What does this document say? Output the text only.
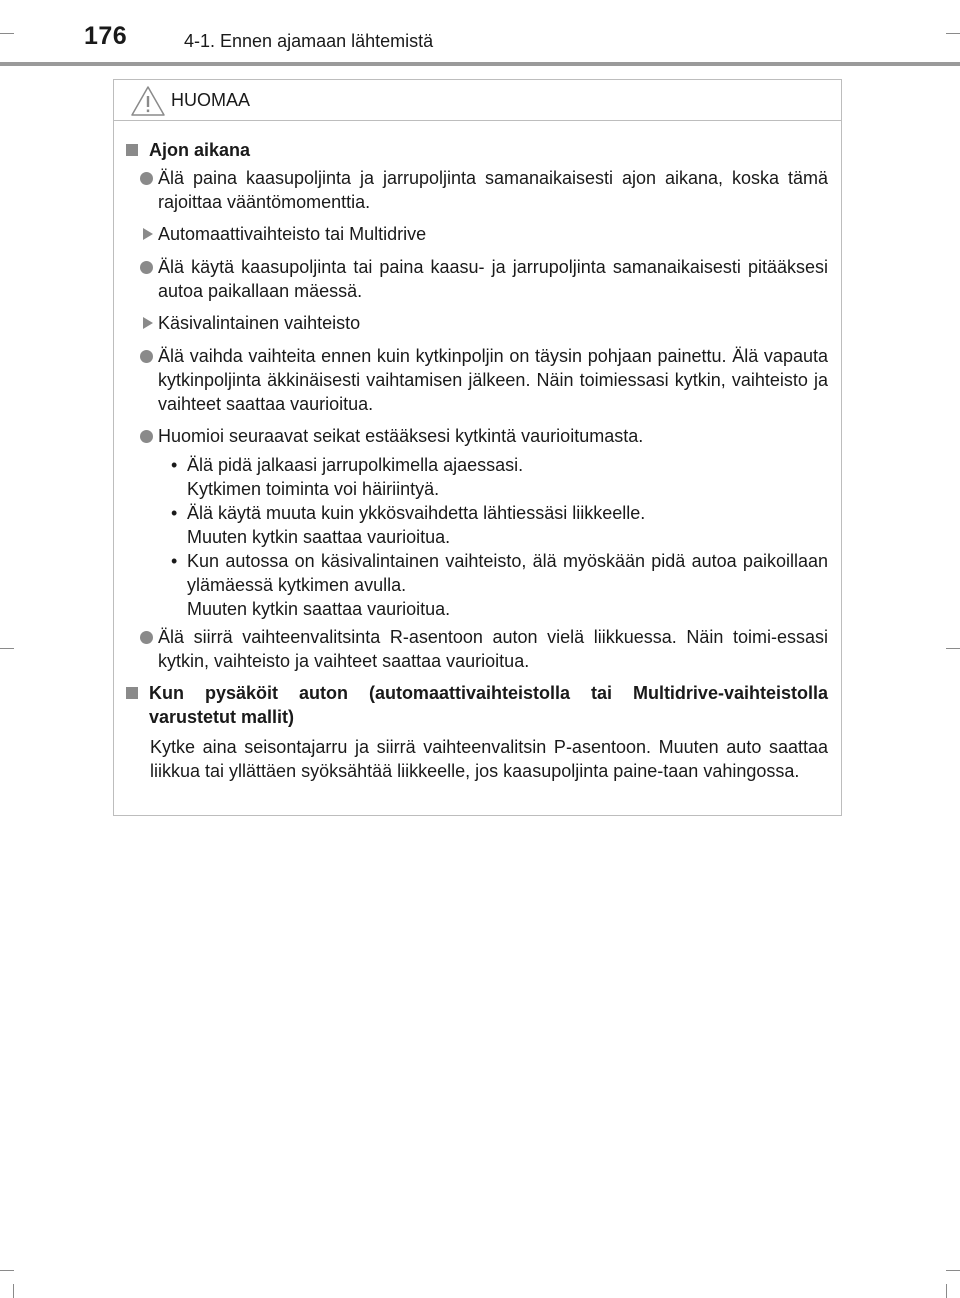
176	4-1. Ennen ajamaan lähtemistä
HUOMAA
Ajon aikana
Älä paina kaasupoljinta ja jarrupoljinta samanaikaisesti ajon aikana, koska tämä rajoittaa vääntömomenttia.
Automaattivaihteisto tai Multidrive
Älä käytä kaasupoljinta tai paina kaasu- ja jarrupoljinta samanaikaisesti pitääksesi autoa paikallaan mäessä.
Käsivalintainen vaihteisto
Älä vaihda vaihteita ennen kuin kytkinpoljin on täysin pohjaan painettu. Älä vapauta kytkinpoljinta äkkinäisesti vaihtamisen jälkeen. Näin toimiessasi kytkin, vaihteisto ja vaihteet saattaa vaurioitua.
Huomioi seuraavat seikat estääksesi kytkintä vaurioitumasta.
• Älä pidä jalkaasi jarrupolkimella ajaessasi.
Kytkimen toiminta voi häiriintyä.
• Älä käytä muuta kuin ykkösvaihdetta lähtiessäsi liikkeelle.
Muuten kytkin saattaa vaurioitua.
• Kun autossa on käsivalintainen vaihteisto, älä myöskään pidä autoa paikoillaan ylämäessä kytkimen avulla.
Muuten kytkin saattaa vaurioitua.
Älä siirrä vaihteenvalitsinta R-asentoon auton vielä liikkuessa. Näin toimi-essasi kytkin, vaihteisto ja vaihteet saattaa vaurioitua.
Kun pysäköit auton (automaattivaihteistolla tai Multidrive-vaihteistolla varustetut mallit)
Kytke aina seisontajarru ja siirrä vaihteenvalitsin P-asentoon. Muuten auto saattaa liikkua tai yllättäen syöksähtää liikkeelle, jos kaasupoljinta paine-taan vahingossa.
